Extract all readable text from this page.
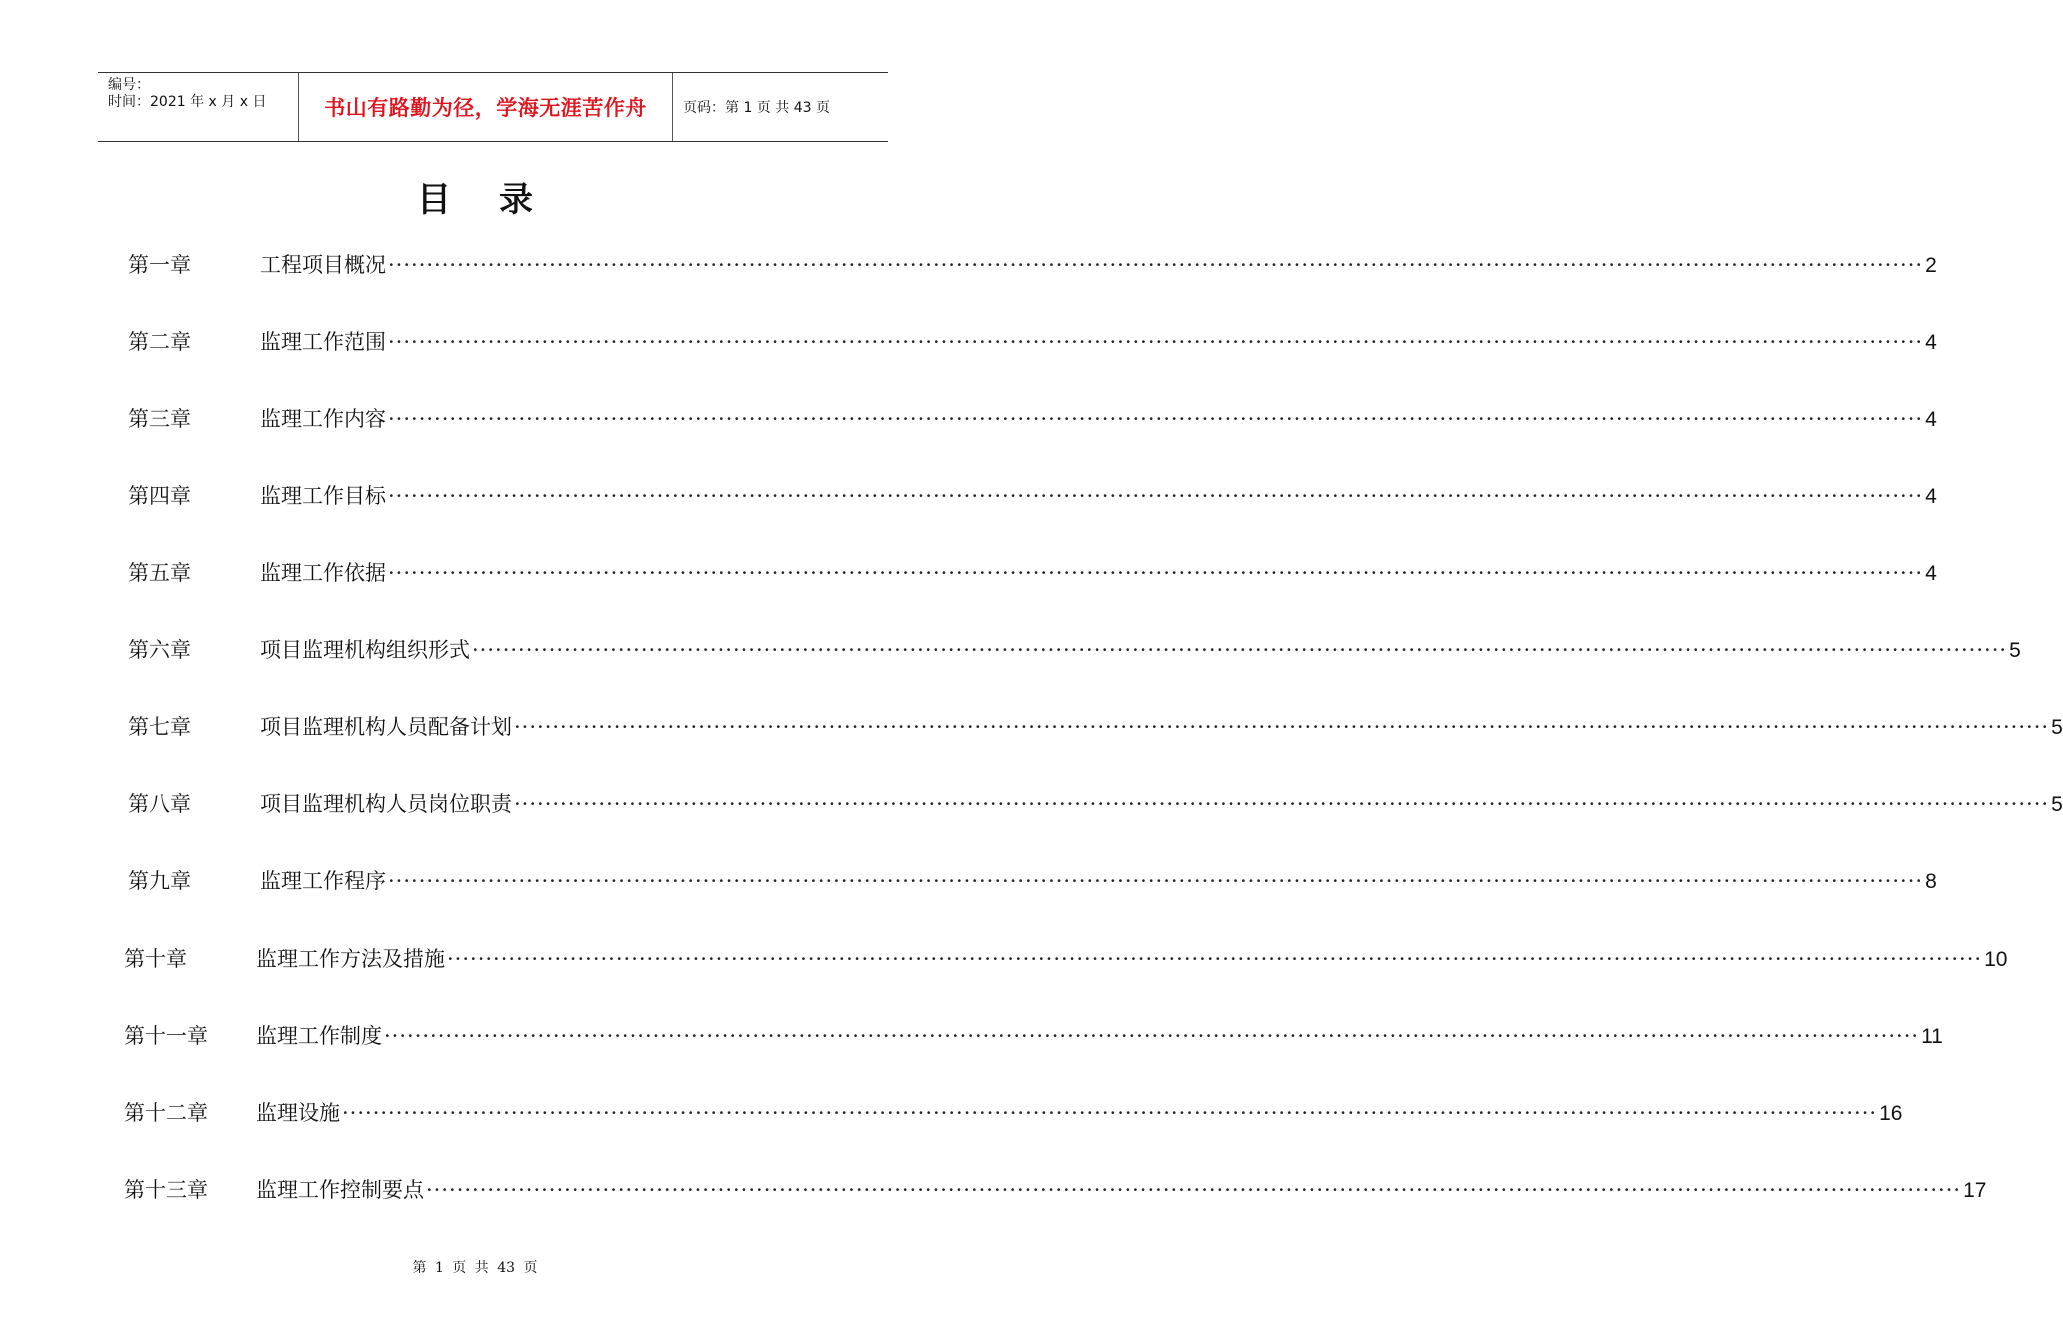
编号：
时间：2021 年 x 月 x 日	书山有路勤为径，学海无涯苦作舟	页码：第 1 页 共 43 页
目录
第一章	工程项目概况 ········································································································································································································ 2
第二章	监理工作范围 ········································································································································································································ 4
第三章	监理工作内容 ········································································································································································································ 4
第四章	监理工作目标 ········································································································································································································ 4
第五章	监理工作依据 ········································································································································································································ 4
第六章	项目监理机构组织形式 ········································································································································································································ 5
第七章	项目监理机构人员配备计划 ········································································································································································································ 5
第八章	项目监理机构人员岗位职责 ········································································································································································································ 5
第九章	监理工作程序 ········································································································································································································ 8
第十章	监理工作方法及措施 ········································································································································································································ 10
第十一章 监理工作制度 ········································································································································································································ 11
第十二章 监理设施 ········································································································································································································ 16
第十三章 监理工作控制要点 ········································································································································································································ 17
第 1 页 共 43 页
